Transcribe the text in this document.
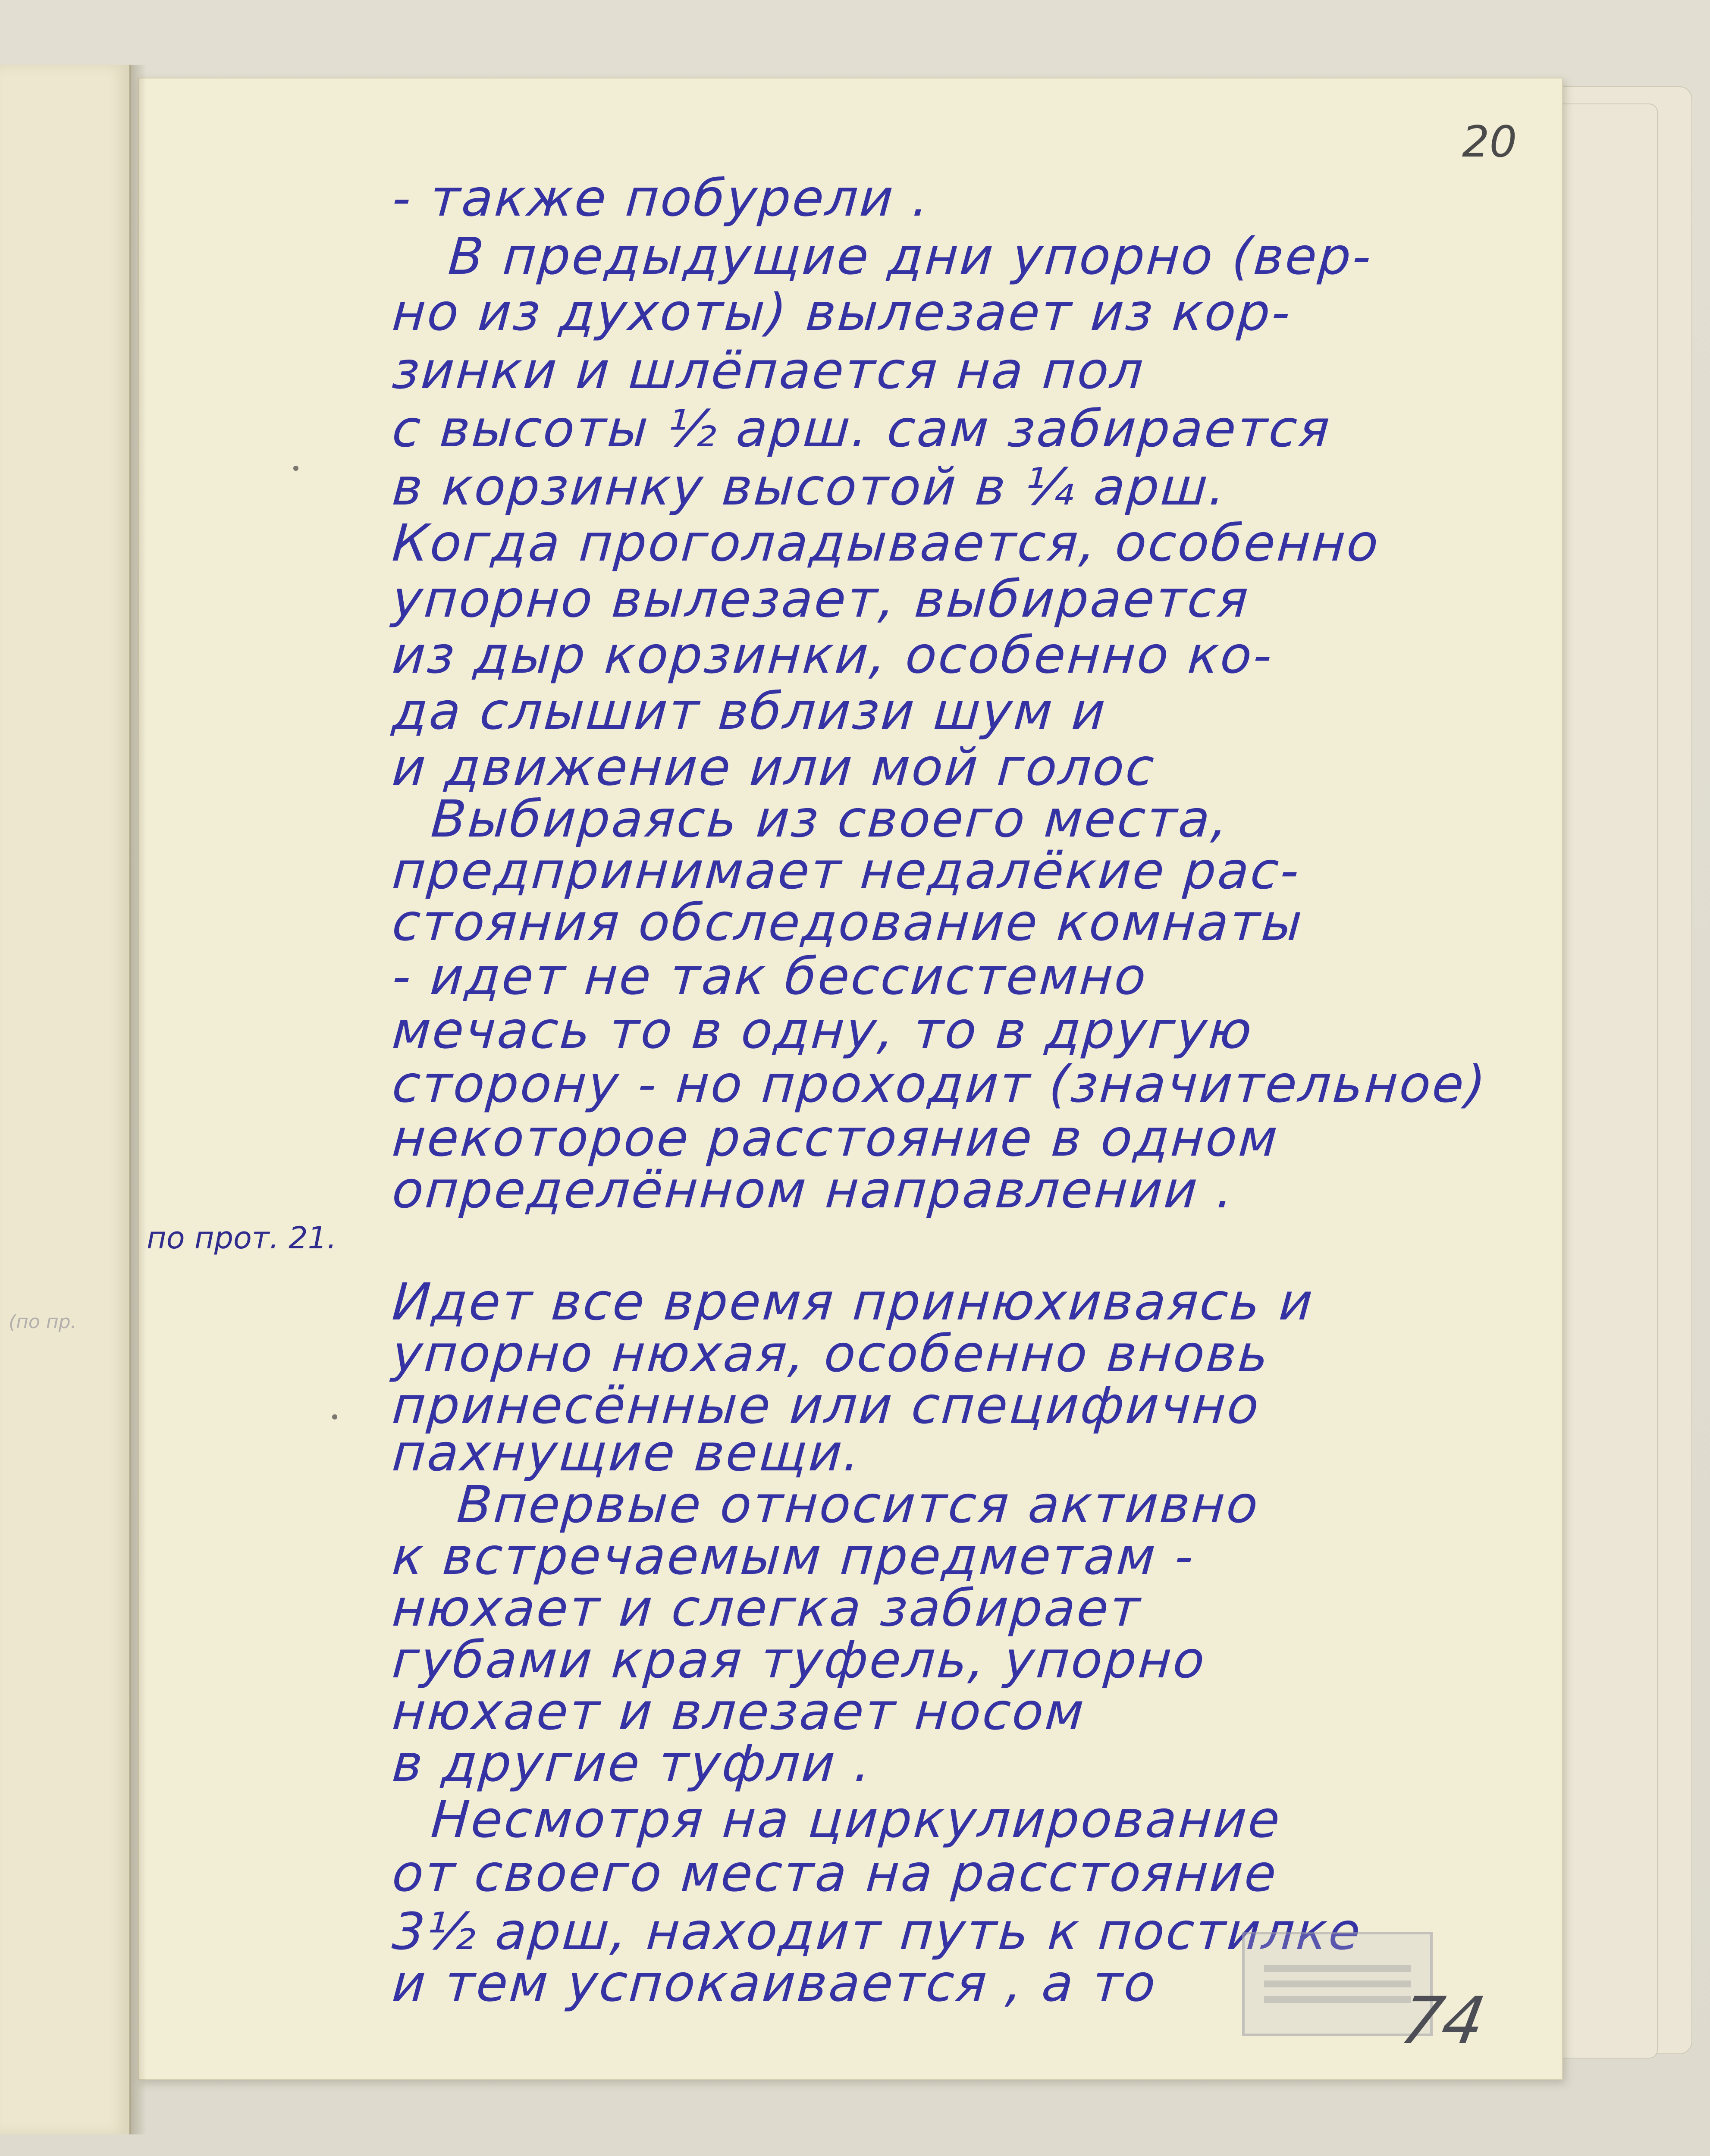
(по пр.
20
по прот. 21.
- также побурели .
В предыдущие дни упорно (вер-
но из духоты) вылезает из кор-
зинки и шлёпается на пол
с высоты ½ арш. сам забирается
в корзинку высотой в ¼ арш.
Когда проголадывается, особенно
упорно вылезает, выбирается
из дыр корзинки, особенно ко-
да слышит вблизи шум и
и движение или мой голос
Выбираясь из своего места,
предпринимает недалёкие рас-
стояния обследование комнаты
- идет не так бессистемно
мечась то в одну, то в другую
сторону - но проходит (значительное)
некоторое расстояние в одном
определённом направлении .
Идет все время принюхиваясь и
упорно нюхая, особенно вновь
принесённые или специфично
пахнущие вещи.
Впервые относится активно
к встречаемым предметам -
нюхает и слегка забирает
губами края туфель, упорно
нюхает и влезает носом
в другие туфли .
Несмотря на циркулирование
от своего места на расстояние
3½ арш, находит путь к постилке
и тем успокаивается , а то
74
